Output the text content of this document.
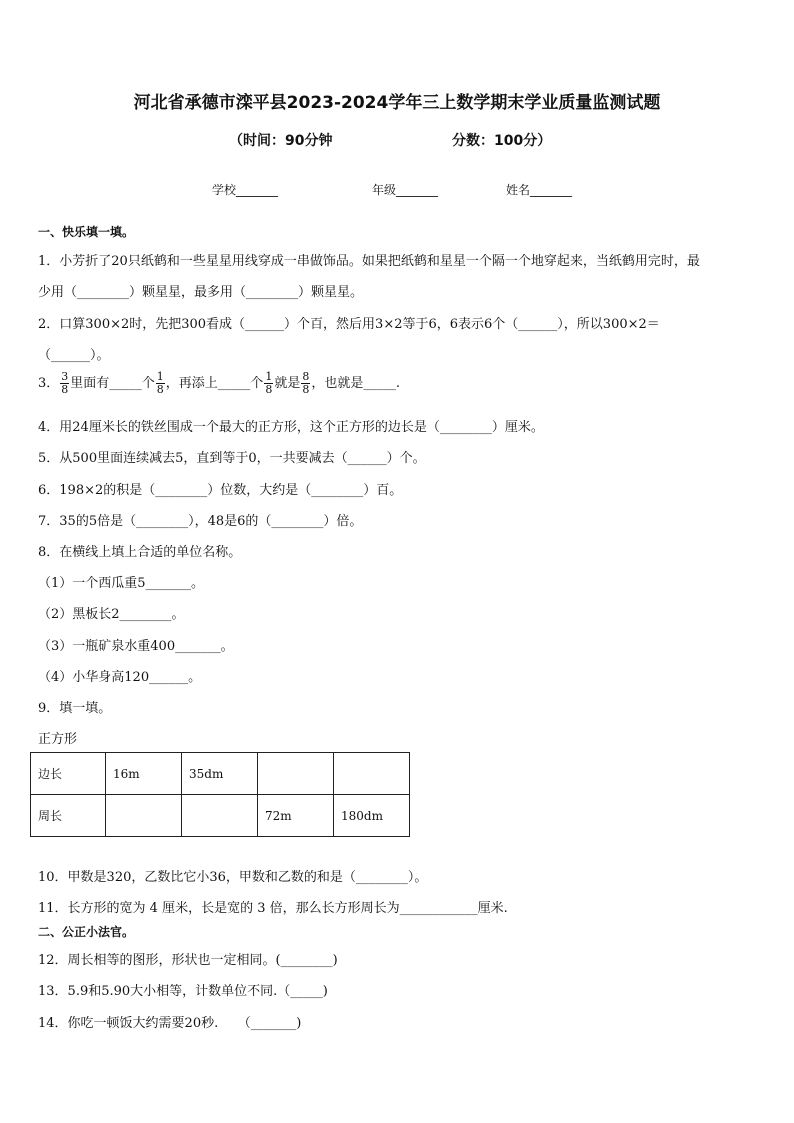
河北省承德市滦平县2023-2024学年三上数学期末学业质量监测试题
（时间：90分钟	分数：100分）
学校_______	年级_______	姓名_______
一、快乐填一填。
1．小芳折了20只纸鹤和一些星星用线穿成一串做饰品。如果把纸鹤和星星一个隔一个地穿起来，当纸鹤用完时，最
少用（________）颗星星，最多用（________）颗星星。
2．口算300×2时，先把300看成（______）个百，然后用3×2等于6，6表示6个（______），所以300×2＝
（______）。
3． $\frac{3}{8}$ 里面有_____个 $\frac{1}{8}$ ，再添上_____个 $\frac{1}{8}$ 就是 $\frac{8}{8}$ ，也就是_____.
4．用24厘米长的铁丝围成一个最大的正方形，这个正方形的边长是（________）厘米。
5．从500里面连续减去5，直到等于0，一共要减去（______）个。
6．198×2的积是（________）位数，大约是（________）百。
7．35的5倍是（________），48是6的（________）倍。
8．在横线上填上合适的单位名称。
（1）一个西瓜重5_______。
（2）黑板长2________。
（3）一瓶矿泉水重400_______。
（4）小华身高120______。
9．填一填。
正方形
边长	16m	35dm		
周长			72m	180dm
10．甲数是320，乙数比它小36，甲数和乙数的和是（________）。
11．长方形的宽为 4 厘米，长是宽的 3 倍，那么长方形周长为____________厘米.
二、公正小法官。
12．周长相等的图形，形状也一定相同。(________)
13．5.9和5.90大小相等，计数单位不同.（_____)
14．你吃一顿饭大约需要20秒.　　（_______)
